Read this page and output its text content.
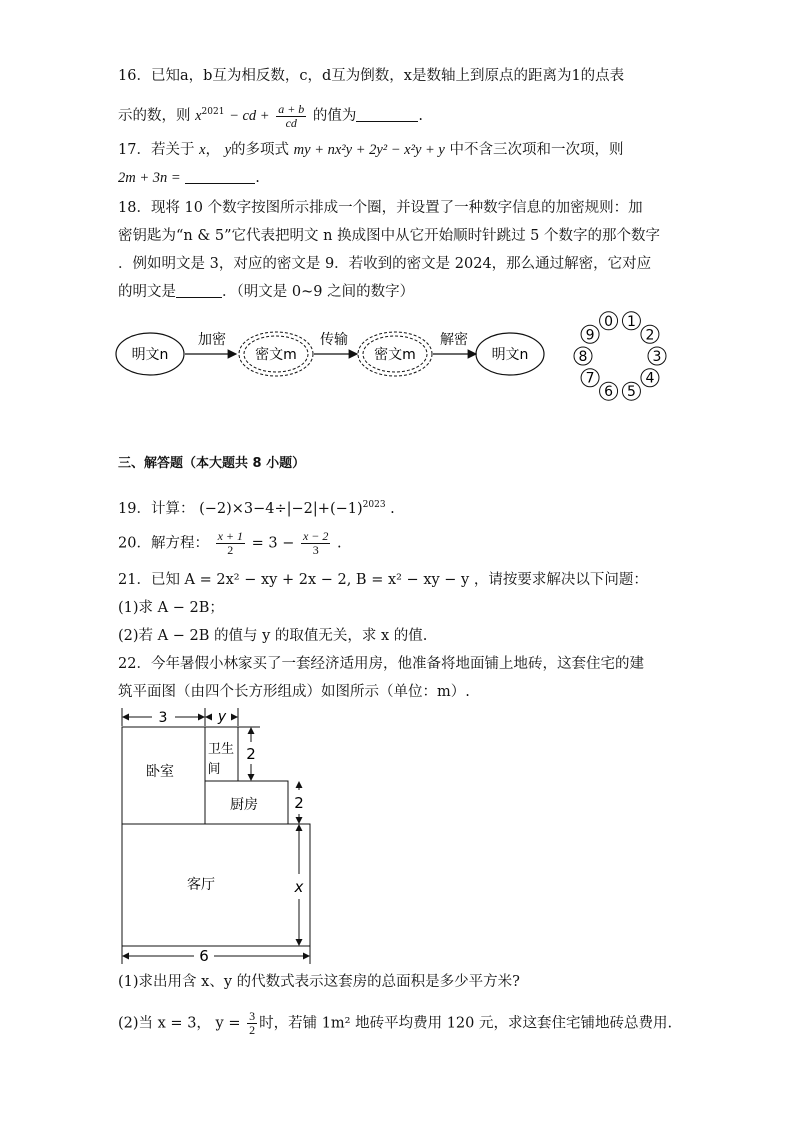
16．已知a，b互为相反数，c，d互为倒数，x是数轴上到原点的距离为1的点表
示的数，则 $x^{2021}$ − cd + $\frac{a + b}{cd}$ 的值为	.
17．若关于 x， y的多项式 my + nx²y + 2y² − x²y + y 中不含三次项和一次项，则
2m + 3n =	.
18．现将 10 个数字按图所示排成一个圈，并设置了一种数字信息的加密规则：加
密钥匙为“n & 5”它代表把明文 n 换成图中从它开始顺时针跳过 5 个数字的那个数字
．例如明文是 3，对应的密文是 9．若收到的密文是 2024，那么通过解密，它对应
的明文是	．（明文是 0~9 之间的数字）
明文n
加密
密文m
传输
密文m
解密
明文n
0 1
2
3
4
5
6
7
8
9
三、解答题（本大题共 8 小题）
19．计算： $(-2)\times 3-4\div|-2|+(-1)^{2023}$ .
20．解方程： $\frac{x + 1}{2} = 3 - \frac{x - 2}{3}$ .
21．已知 A = 2x² − xy + 2x − 2, B = x² − xy − y ，请按要求解决以下问题：
(1)求 A − 2B；
(2)若 A − 2B 的值与 y 的取值无关，求 x 的值.
22．今年暑假小林家买了一套经济适用房，他准备将地面铺上地砖，这套住宅的建
筑平面图（由四个长方形组成）如图所示（单位：m）.
卧室
卫生
间
厨房
客厅
3	y
2
2
x
6
(1)求出用含 x、y 的代数式表示这套房的总面积是多少平方米?
(2)当 x = 3， $y = \frac{3}{2}$ 时，若铺 1m² 地砖平均费用 120 元，求这套住宅铺地砖总费用.
